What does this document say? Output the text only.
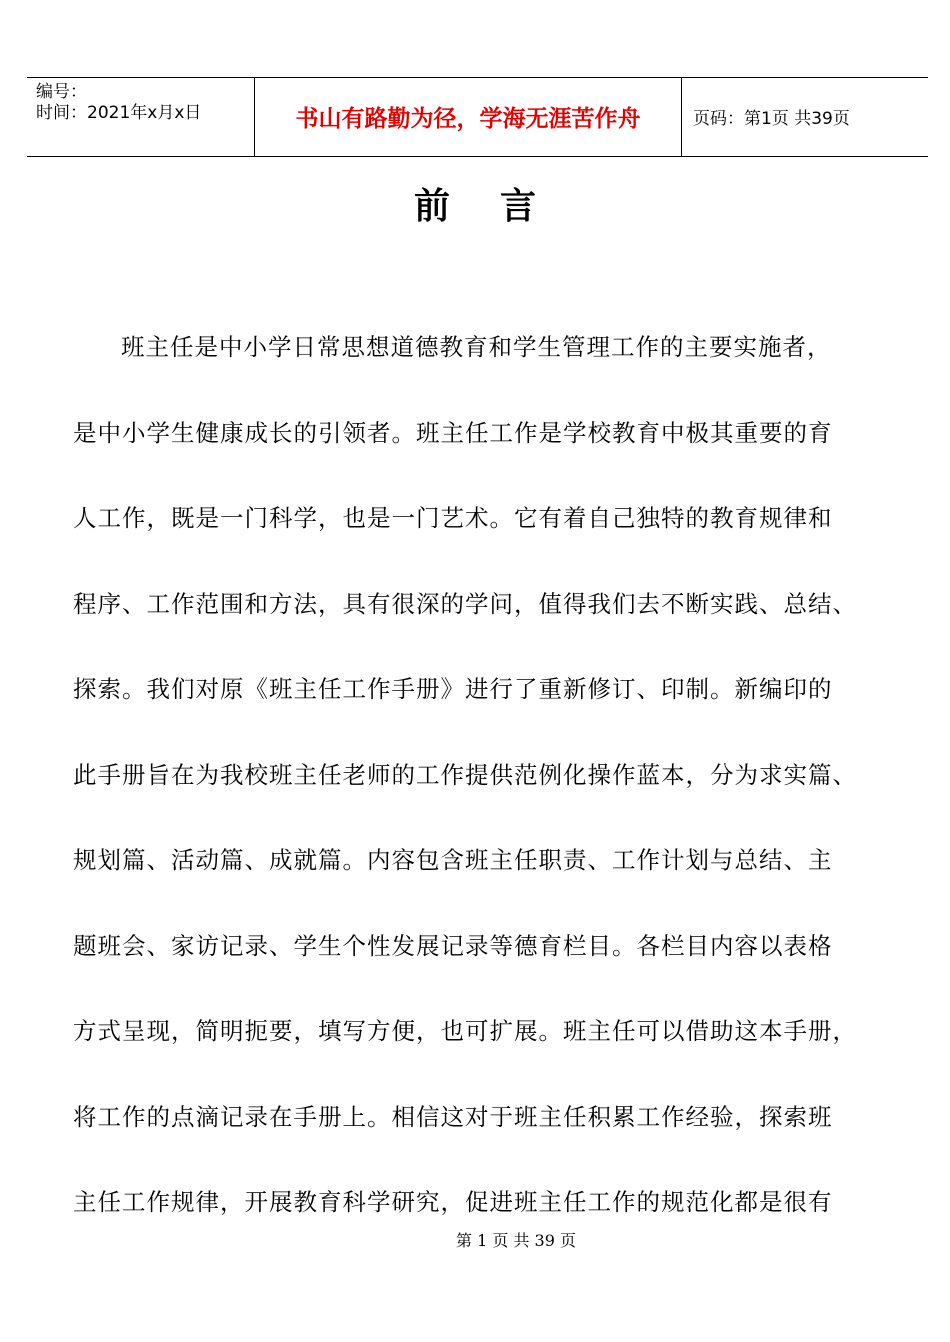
编号：
时间：2021年x月x日	书山有路勤为径，学海无涯苦作舟	页码：第1页 共39页
前 言
班主任是中小学日常思想道德教育和学生管理工作的主要实施者，
是中小学生健康成长的引领者。班主任工作是学校教育中极其重要的育
人工作，既是一门科学，也是一门艺术。它有着自己独特的教育规律和
程序、工作范围和方法，具有很深的学问，值得我们去不断实践、总结、
探索。我们对原《班主任工作手册》进行了重新修订、印制。新编印的
此手册旨在为我校班主任老师的工作提供范例化操作蓝本，分为求实篇、
规划篇、活动篇、成就篇。内容包含班主任职责、工作计划与总结、主
题班会、家访记录、学生个性发展记录等德育栏目。各栏目内容以表格
方式呈现，简明扼要，填写方便，也可扩展。班主任可以借助这本手册，
将工作的点滴记录在手册上。相信这对于班主任积累工作经验，探索班
主任工作规律，开展教育科学研究，促进班主任工作的规范化都是很有
第 1 页 共 39 页
